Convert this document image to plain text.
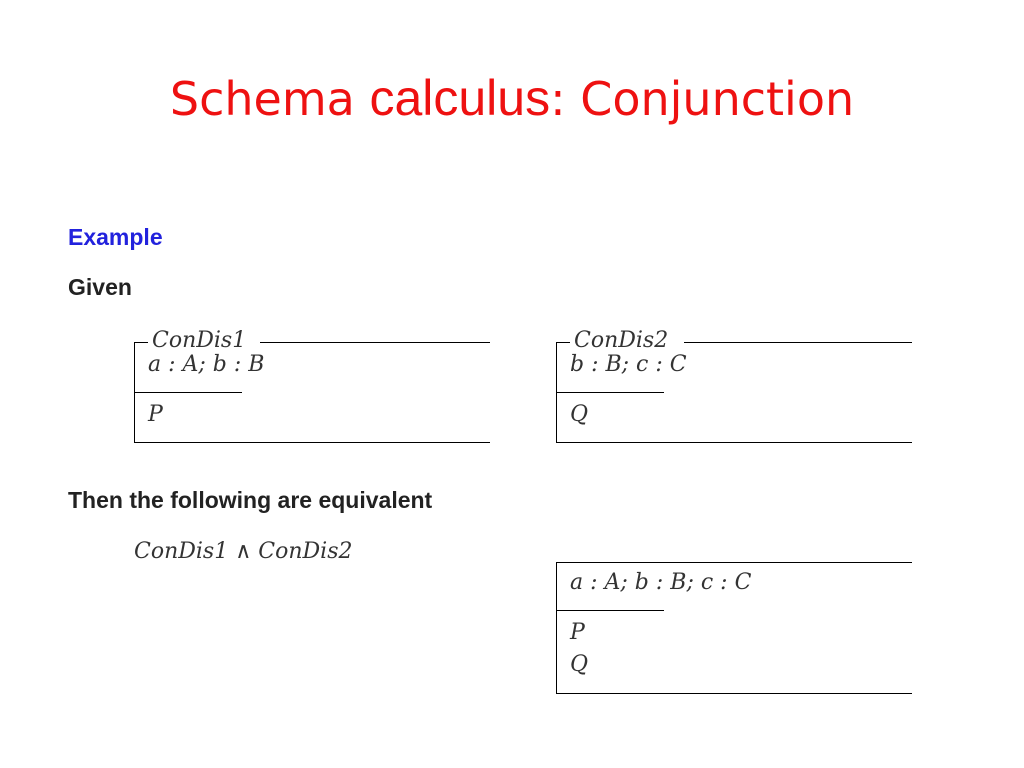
Schema calculus: Conjunction
Example
Given
ConDis1
a : A; b : B
P
ConDis2
b : B; c : C
Q
Then the following are equivalent
ConDis1 ∧ ConDis2
a : A; b : B; c : C
P
Q
